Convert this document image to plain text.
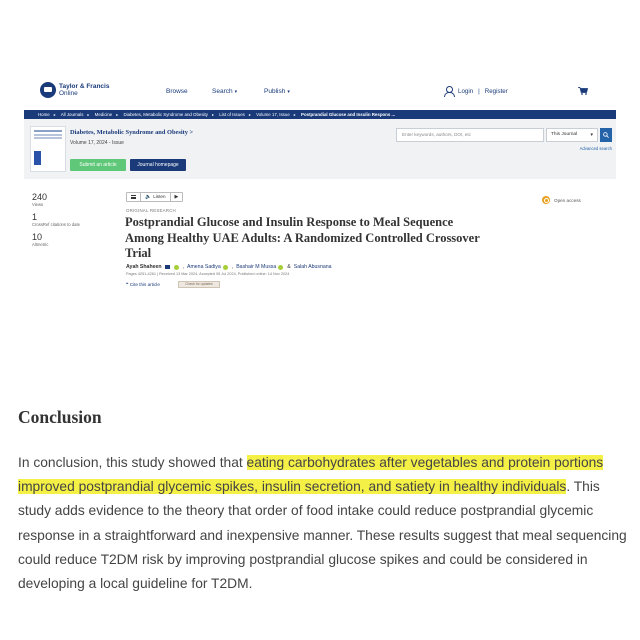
Taylor & Francis
Online	Browse	Search ▾	Publish ▾	Login | Register
Home ▸ All Journals ▸ Medicine ▸ Diabetes, Metabolic Syndrome and Obesity ▸ List of Issues ▸ Volume 17, Issue ▸ Postprandial Glucose and Insulin Respons ...
Diabetes, Metabolic Syndrome and Obesity >
Volume 17, 2024 - Issue
Submit an article	Journal homepage
Enter keywords, authors, DOI, etc	This Journal	▾
Advanced search
240
Views
1
CrossRef citations to date
10
Altmetric
🔈 Listen ▶
ORIGINAL RESEARCH
Postprandial Glucose and Insulin Response to Meal Sequence Among Healthy UAE Adults: A Randomized Controlled Crossover Trial
Ayah Shaheen	, Amena Sadiya , Bashair M Mussa & Salah Abusnana
Pages 4251-4261 | Received 13 Mar 2024, Accepted 05 Jul 2024, Published online: 14 Nov 2024
❝ Cite this article	Check for updates
Open access
Conclusion
In conclusion, this study showed that eating carbohydrates after vegetables and protein portions
improved postprandial glycemic spikes, insulin secretion, and satiety in healthy individuals. This
study adds evidence to the theory that order of food intake could reduce postprandial glycemic
response in a straightforward and inexpensive manner. These results suggest that meal sequencing
could reduce T2DM risk by improving postprandial glucose spikes and could be considered in
developing a local guideline for T2DM.
